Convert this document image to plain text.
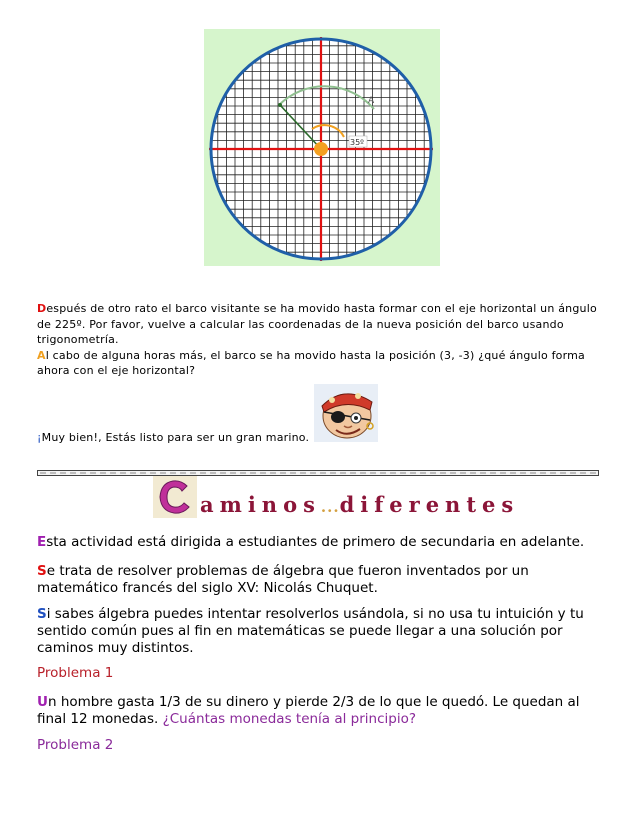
35º
A
Después de otro rato el barco visitante se ha movido hasta formar con el eje horizontal un ángulo de 225º. Por favor, vuelve a calcular las coordenadas de la nueva posición del barco usando trigonometría.
Al cabo de alguna horas más, el barco se ha movido hasta la posición (3, -3) ¿qué ángulo forma ahora con el eje horizontal?
¡Muy bien!, Estás listo para ser un gran marino.
aminos...diferentes
Esta actividad está dirigida a estudiantes de primero de secundaria en adelante.
Se trata de resolver problemas de álgebra que fueron inventados por un matemático francés del siglo XV: Nicolás Chuquet.
Si sabes álgebra puedes intentar resolverlos usándola, si no usa tu intuición y tu sentido común pues al fin en matemáticas se puede llegar a una solución por caminos muy distintos.
Problema 1
Un hombre gasta 1/3 de su dinero y pierde 2/3 de lo que le quedó. Le quedan al final 12 monedas. ¿Cuántas monedas tenía al principio?
Problema 2
